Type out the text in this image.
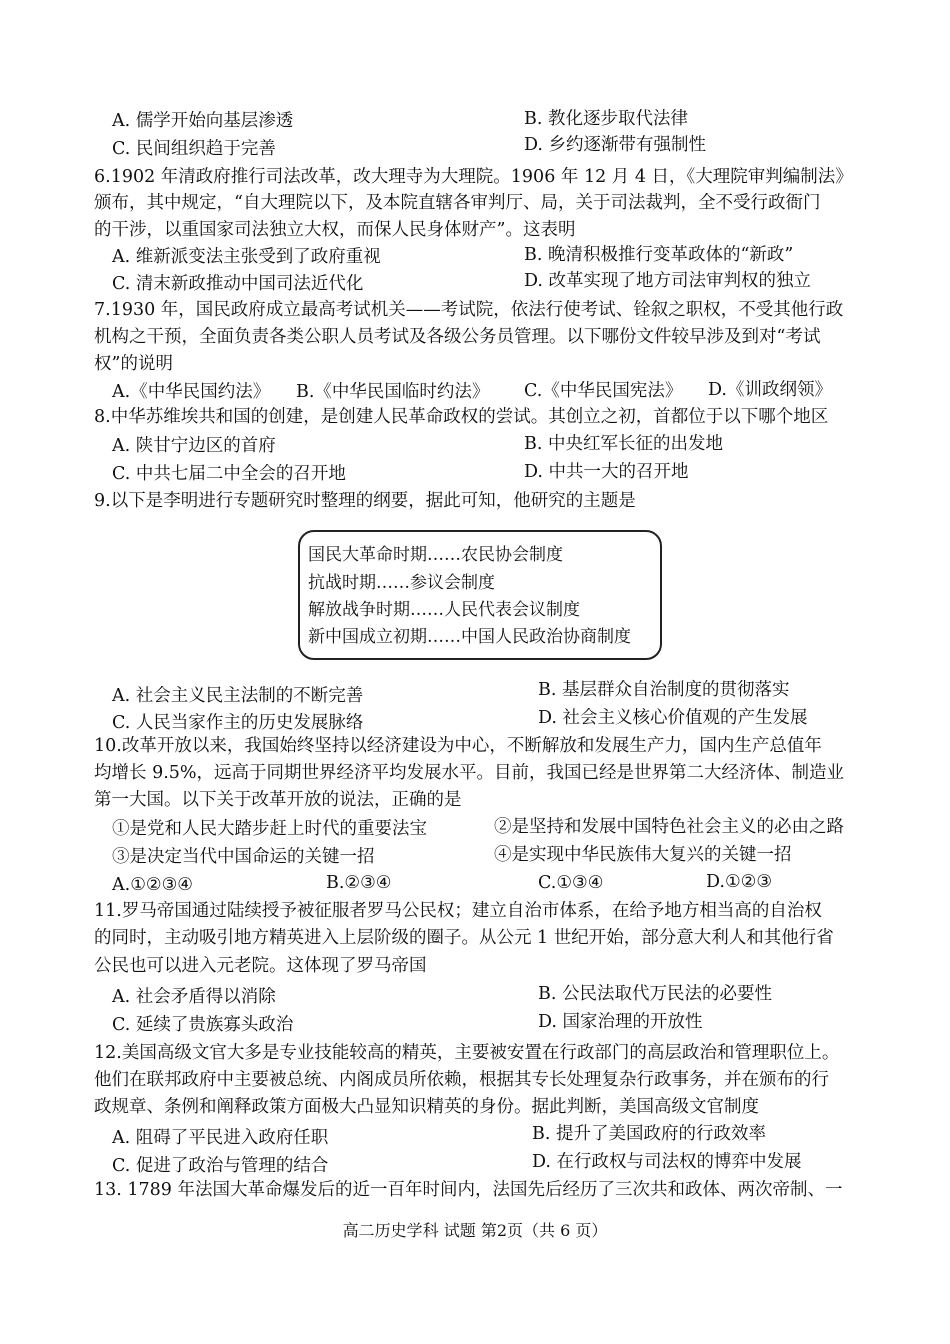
A. 儒学开始向基层渗透	B. 教化逐步取代法律
C. 民间组织趋于完善	D. 乡约逐渐带有强制性
6.1902 年清政府推行司法改革，改大理寺为大理院。1906 年 12 月 4 日，《大理院审判编制法》
颁布，其中规定，“自大理院以下，及本院直辖各审判厅、局，关于司法裁判，全不受行政衙门
的干涉，以重国家司法独立大权，而保人民身体财产”。这表明
A. 维新派变法主张受到了政府重视	B. 晚清积极推行变革政体的“新政”
C. 清末新政推动中国司法近代化	D. 改革实现了地方司法审判权的独立
7.1930 年，国民政府成立最高考试机关——考试院，依法行使考试、铨叙之职权，不受其他行政
机构之干预，全面负责各类公职人员考试及各级公务员管理。以下哪份文件较早涉及到对“考试
权”的说明
A.《中华民国约法》 B.《中华民国临时约法》 C.《中华民国宪法》 D.《训政纲领》
8.中华苏维埃共和国的创建，是创建人民革命政权的尝试。其创立之初，首都位于以下哪个地区
A. 陕甘宁边区的首府	B. 中央红军长征的出发地
C. 中共七届二中全会的召开地	D. 中共一大的召开地
9.以下是李明进行专题研究时整理的纲要，据此可知，他研究的主题是
国民大革命时期……农民协会制度
抗战时期……参议会制度
解放战争时期……人民代表会议制度
新中国成立初期……中国人民政治协商制度
A. 社会主义民主法制的不断完善	B. 基层群众自治制度的贯彻落实
C. 人民当家作主的历史发展脉络	D. 社会主义核心价值观的产生发展
10.改革开放以来，我国始终坚持以经济建设为中心，不断解放和发展生产力，国内生产总值年
均增长 9.5%，远高于同期世界经济平均发展水平。目前，我国已经是世界第二大经济体、制造业
第一大国。以下关于改革开放的说法，正确的是
①是党和人民大踏步赶上时代的重要法宝	②是坚持和发展中国特色社会主义的必由之路
③是决定当代中国命运的关键一招	④是实现中华民族伟大复兴的关键一招
A.①②③④	B.②③④	C.①③④	D.①②③
11.罗马帝国通过陆续授予被征服者罗马公民权；建立自治市体系，在给予地方相当高的自治权
的同时，主动吸引地方精英进入上层阶级的圈子。从公元 1 世纪开始，部分意大利人和其他行省
公民也可以进入元老院。这体现了罗马帝国
A. 社会矛盾得以消除	B. 公民法取代万民法的必要性
C. 延续了贵族寡头政治	D. 国家治理的开放性
12.美国高级文官大多是专业技能较高的精英，主要被安置在行政部门的高层政治和管理职位上。
他们在联邦政府中主要被总统、内阁成员所依赖，根据其专长处理复杂行政事务，并在颁布的行
政规章、条例和阐释政策方面极大凸显知识精英的身份。据此判断，美国高级文官制度
A. 阻碍了平民进入政府任职	B. 提升了美国政府的行政效率
C. 促进了政治与管理的结合	D. 在行政权与司法权的博弈中发展
13. 1789 年法国大革命爆发后的近一百年时间内，法国先后经历了三次共和政体、两次帝制、一
高二历史学科 试题 第2页（共 6 页）
